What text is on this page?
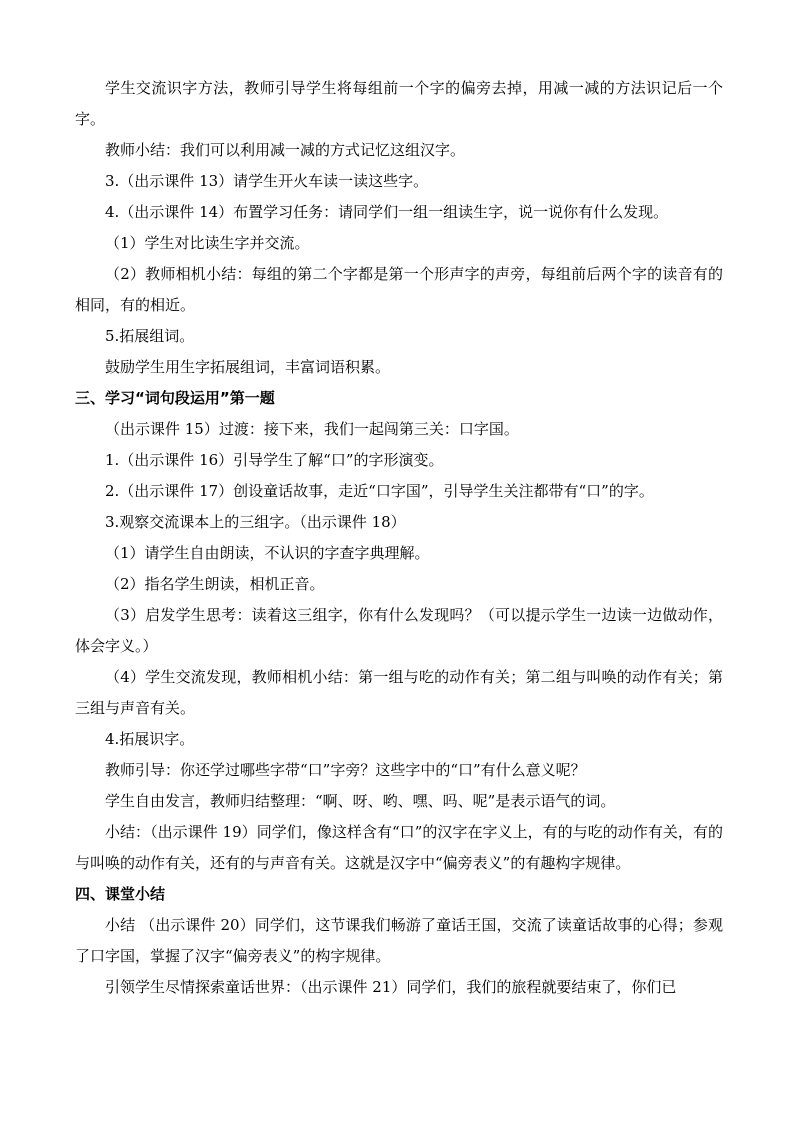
学生交流识字方法，教师引导学生将每组前一个字的偏旁去掉，用减一减的方法识记后一个字。

教师小结：我们可以利用减一减的方式记忆这组汉字。

3.（出示课件 13）请学生开火车读一读这些字。

4.（出示课件 14）布置学习任务：请同学们一组一组读生字，说一说你有什么发现。

（1）学生对比读生字并交流。

（2）教师相机小结：每组的第二个字都是第一个形声字的声旁，每组前后两个字的读音有的相同，有的相近。

5.拓展组词。

鼓励学生用生字拓展组词，丰富词语积累。

三、学习“词句段运用”第一题

（出示课件 15）过渡：接下来，我们一起闯第三关：口字国。

1.（出示课件 16）引导学生了解“口”的字形演变。

2.（出示课件 17）创设童话故事，走近“口字国”，引导学生关注都带有“口”的字。

3.观察交流课本上的三组字。（出示课件 18）

（1）请学生自由朗读，不认识的字查字典理解。

（2）指名学生朗读，相机正音。

（3）启发学生思考：读着这三组字，你有什么发现吗？（可以提示学生一边读一边做动作，体会字义。）

（4）学生交流发现，教师相机小结：第一组与吃的动作有关；第二组与叫唤的动作有关；第三组与声音有关。

4.拓展识字。

教师引导：你还学过哪些字带“口”字旁？这些字中的“口”有什么意义呢？

学生自由发言，教师归结整理：“啊、呀、哟、嘿、吗、呢”是表示语气的词。

小结：（出示课件 19）同学们，像这样含有“口”的汉字在字义上，有的与吃的动作有关，有的与叫唤的动作有关，还有的与声音有关。这就是汉字中“偏旁表义”的有趣构字规律。

四、课堂小结

小结 （出示课件 20）同学们，这节课我们畅游了童话王国，交流了读童话故事的心得；参观了口字国，掌握了汉字“偏旁表义”的构字规律。

引领学生尽情探索童话世界：（出示课件 21）同学们，我们的旅程就要结束了，你们已
